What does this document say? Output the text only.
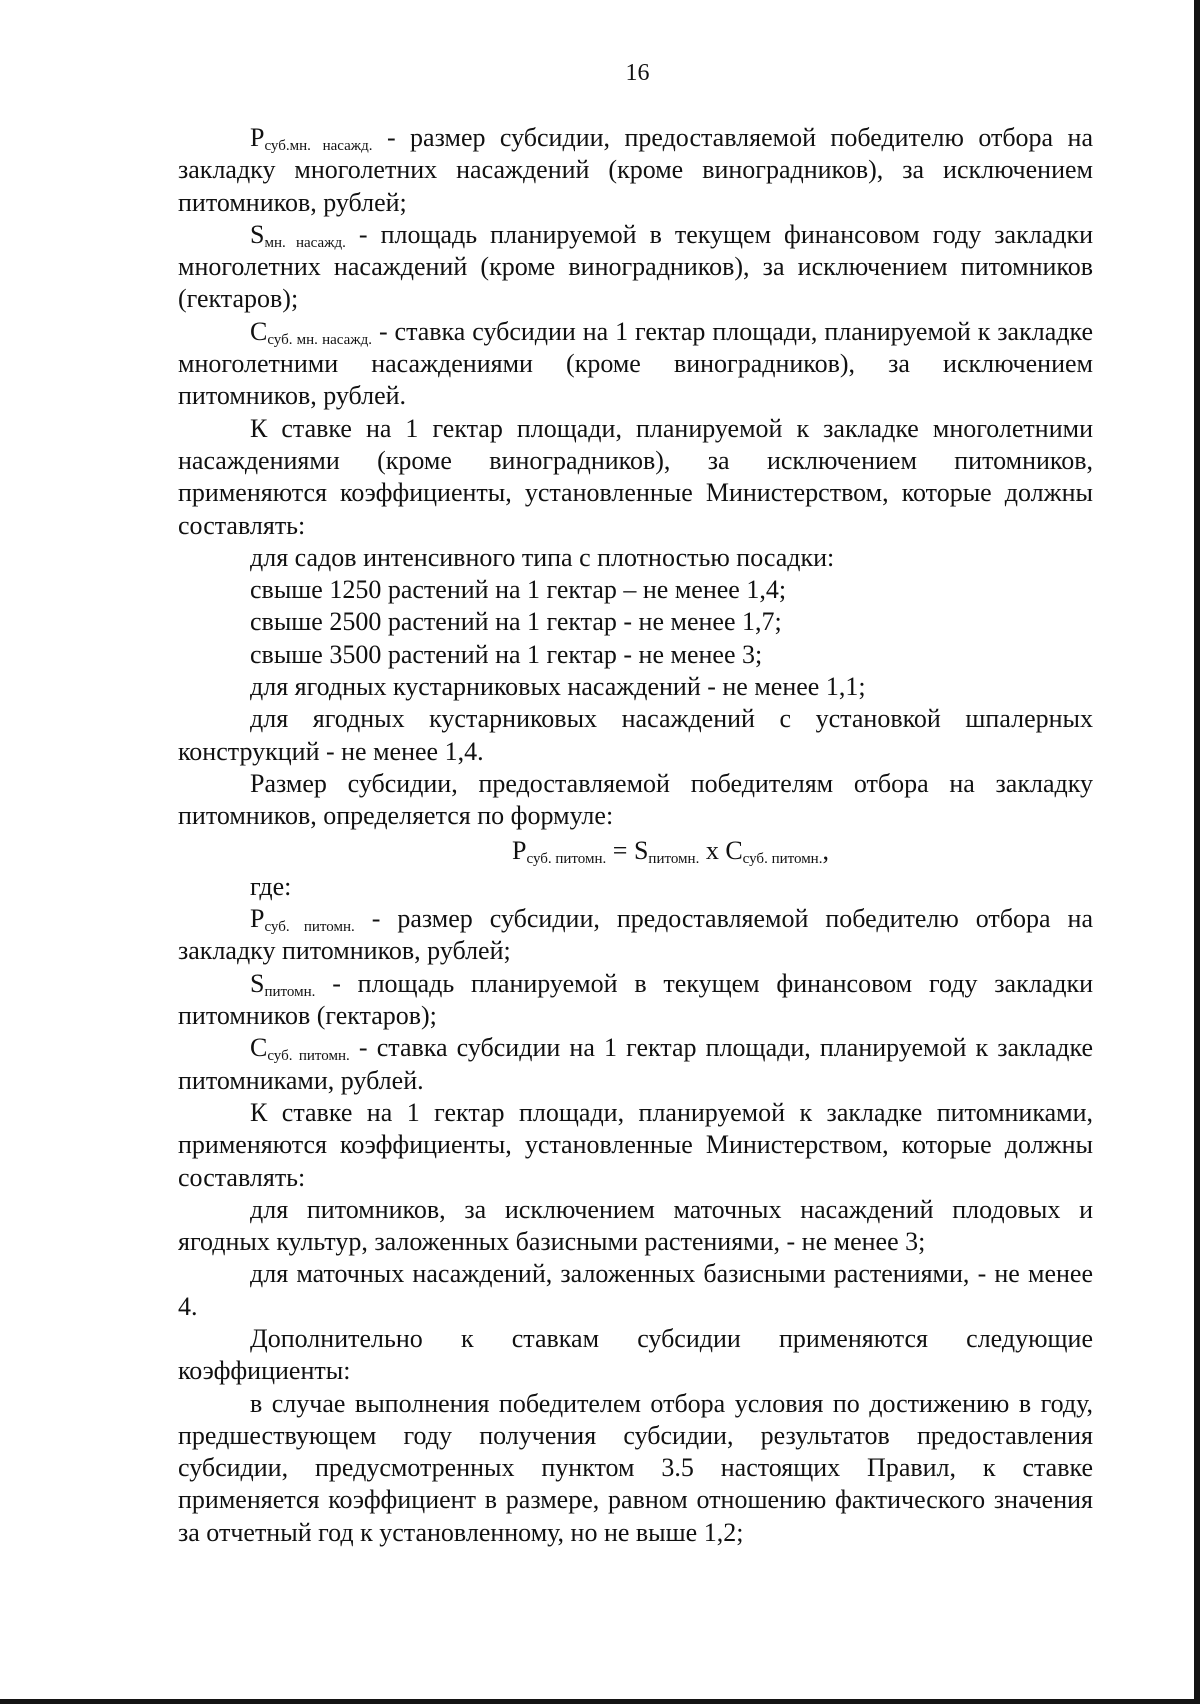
16

$Р_{суб.мн. насажд.}$ - размер субсидии, предоставляемой победителю отбора на закладку многолетних насаждений (кроме виноградников), за исключением питомников, рублей;

$S_{мн. насажд.}$ - площадь планируемой в текущем финансовом году закладки многолетних насаждений (кроме виноградников), за исключением питомников (гектаров);

$С_{суб. мн. насажд.}$ - ставка субсидии на 1 гектар площади, планируемой к закладке многолетними насаждениями (кроме виноградников), за исключением питомников, рублей.

К ставке на 1 гектар площади, планируемой к закладке многолетними насаждениями (кроме виноградников), за исключением питомников, применяются коэффициенты, установленные Министерством, которые должны составлять:

для садов интенсивного типа с плотностью посадки:

свыше 1250 растений на 1 гектар – не менее 1,4;

свыше 2500 растений на 1 гектар - не менее 1,7;

свыше 3500 растений на 1 гектар - не менее 3;

для ягодных кустарниковых насаждений - не менее 1,1;

для ягодных кустарниковых насаждений с установкой шпалерных конструкций - не менее 1,4.

Размер субсидии, предоставляемой победителям отбора на закладку питомников, определяется по формуле:

$Р_{суб. питомн.} = S_{питомн.}$ х $С_{суб. питомн.}$,

где:

$Р_{суб. питомн.}$ - размер субсидии, предоставляемой победителю отбора на закладку питомников, рублей;

$S_{питомн.}$ - площадь планируемой в текущем финансовом году закладки питомников (гектаров);

$С_{суб. питомн.}$ - ставка субсидии на 1 гектар площади, планируемой к закладке питомниками, рублей.

К ставке на 1 гектар площади, планируемой к закладке питомниками, применяются коэффициенты, установленные Министерством, которые должны составлять:

для питомников, за исключением маточных насаждений плодовых и ягодных культур, заложенных базисными растениями, - не менее 3;

для маточных насаждений, заложенных базисными растениями, - не менее 4.

Дополнительно к ставкам субсидии применяются следующие коэффициенты:

в случае выполнения победителем отбора условия по достижению в году, предшествующем году получения субсидии, результатов предоставления субсидии, предусмотренных пунктом 3.5 настоящих Правил, к ставке применяется коэффициент в размере, равном отношению фактического значения за отчетный год к установленному, но не выше 1,2;
